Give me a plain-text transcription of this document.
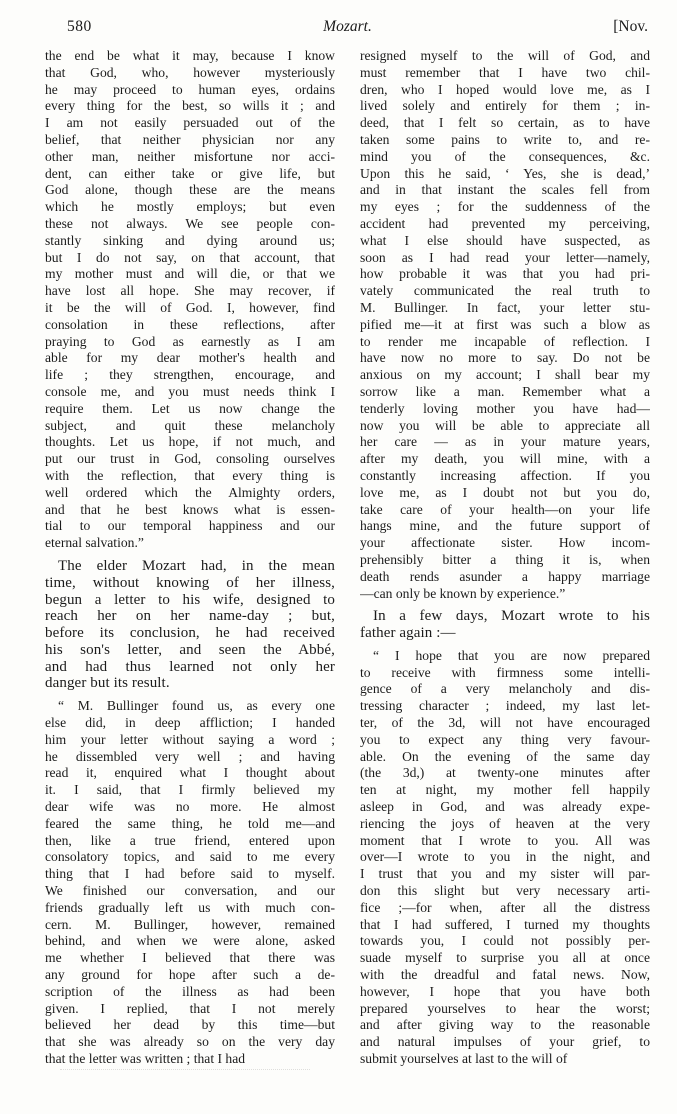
580	Mozart.	[Nov.
the end be what it may, because I know
that God, who, however mysteriously
he may proceed to human eyes, ordains
every thing for the best, so wills it ; and
I am not easily persuaded out of the
belief, that neither physician nor any
other man, neither misfortune nor acci-
dent, can either take or give life, but
God alone, though these are the means
which he mostly employs; but even
these not always. We see people con-
stantly sinking and dying around us;
but I do not say, on that account, that
my mother must and will die, or that we
have lost all hope. She may recover, if
it be the will of God. I, however, find
consolation in these reflections, after
praying to God as earnestly as I am
able for my dear mother's health and
life ; they strengthen, encourage, and
console me, and you must needs think I
require them. Let us now change the
subject, and quit these melancholy
thoughts. Let us hope, if not much, and
put our trust in God, consoling ourselves
with the reflection, that every thing is
well ordered which the Almighty orders,
and that he best knows what is essen-
tial to our temporal happiness and our
eternal salvation.”
The elder Mozart had, in the mean
time, without knowing of her illness,
begun a letter to his wife, designed to
reach her on her name-day ; but,
before its conclusion, he had received
his son's letter, and seen the Abbé,
and had thus learned not only her
danger but its result.
“ M. Bullinger found us, as every one
else did, in deep affliction; I handed
him your letter without saying a word ;
he dissembled very well ; and having
read it, enquired what I thought about
it. I said, that I firmly believed my
dear wife was no more. He almost
feared the same thing, he told me—and
then, like a true friend, entered upon
consolatory topics, and said to me every
thing that I had before said to myself.
We finished our conversation, and our
friends gradually left us with much con-
cern. M. Bullinger, however, remained
behind, and when we were alone, asked
me whether I believed that there was
any ground for hope after such a de-
scription of the illness as had been
given. I replied, that I not merely
believed her dead by this time—but
that she was already so on the very day
that the letter was written ; that I had
resigned myself to the will of God, and
must remember that I have two chil-
dren, who I hoped would love me, as I
lived solely and entirely for them ; in-
deed, that I felt so certain, as to have
taken some pains to write to, and re-
mind you of the consequences, &c.
Upon this he said, ‘ Yes, she is dead,’
and in that instant the scales fell from
my eyes ; for the suddenness of the
accident had prevented my perceiving,
what I else should have suspected, as
soon as I had read your letter—namely,
how probable it was that you had pri-
vately communicated the real truth to
M. Bullinger. In fact, your letter stu-
pified me—it at first was such a blow as
to render me incapable of reflection. I
have now no more to say. Do not be
anxious on my account; I shall bear my
sorrow like a man. Remember what a
tenderly loving mother you have had—
now you will be able to appreciate all
her care — as in your mature years,
after my death, you will mine, with a
constantly increasing affection. If you
love me, as I doubt not but you do,
take care of your health—on your life
hangs mine, and the future support of
your affectionate sister. How incom-
prehensibly bitter a thing it is, when
death rends asunder a happy marriage
—can only be known by experience.”
In a few days, Mozart wrote to his
father again :—
“ I hope that you are now prepared
to receive with firmness some intelli-
gence of a very melancholy and dis-
tressing character ; indeed, my last let-
ter, of the 3d, will not have encouraged
you to expect any thing very favour-
able. On the evening of the same day
(the 3d,) at twenty-one minutes after
ten at night, my mother fell happily
asleep in God, and was already expe-
riencing the joys of heaven at the very
moment that I wrote to you. All was
over—I wrote to you in the night, and
I trust that you and my sister will par-
don this slight but very necessary arti-
fice ;—for when, after all the distress
that I had suffered, I turned my thoughts
towards you, I could not possibly per-
suade myself to surprise you all at once
with the dreadful and fatal news. Now,
however, I hope that you have both
prepared yourselves to hear the worst;
and after giving way to the reasonable
and natural impulses of your grief, to
submit yourselves at last to the will of
